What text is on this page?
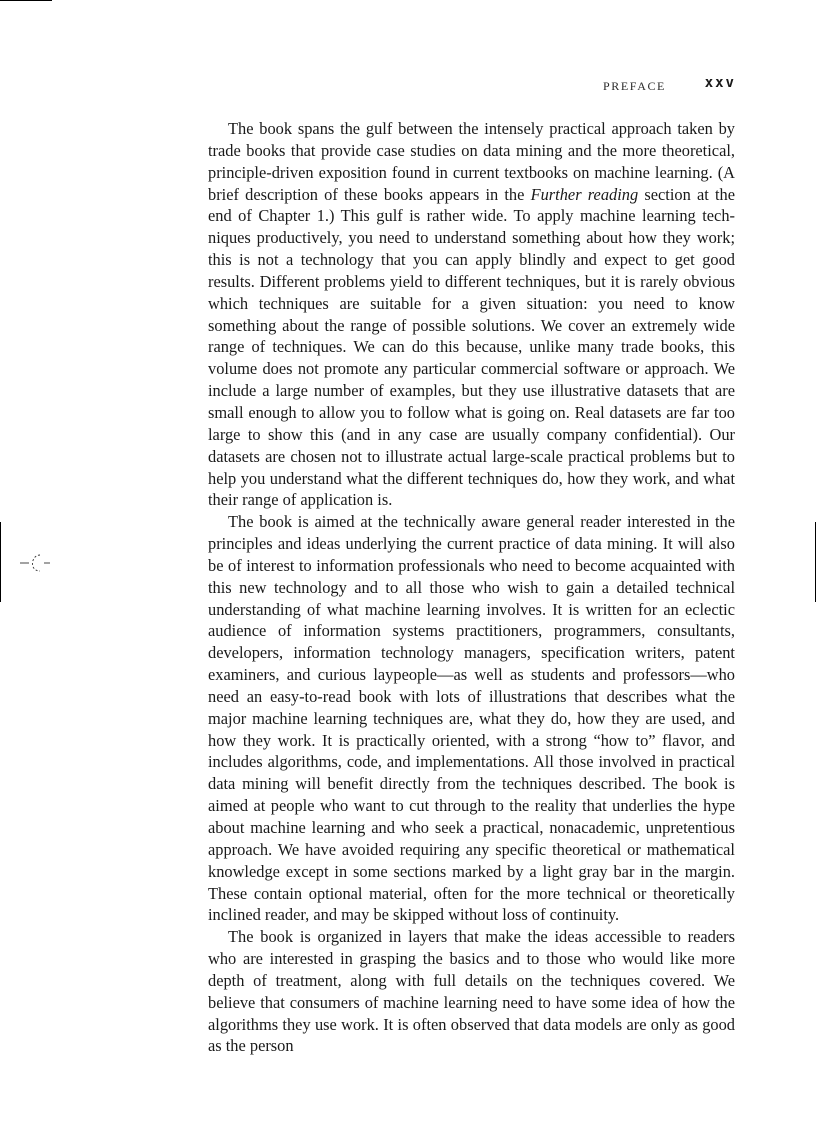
PREFACE	xxv

The book spans the gulf between the intensely practical approach taken by trade books that provide case studies on data mining and the more theoretical, principle-driven exposition found in current textbooks on machine learning. (A brief description of these books appears in the Further reading section at the end of Chapter 1.) This gulf is rather wide. To apply machine learning techniques productively, you need to understand something about how they work; this is not a technology that you can apply blindly and expect to get good results. Different problems yield to different techniques, but it is rarely obvious which techniques are suitable for a given situation: you need to know something about the range of possible solutions. We cover an extremely wide range of techniques. We can do this because, unlike many trade books, this volume does not promote any particular commercial software or approach. We include a large number of examples, but they use illustrative datasets that are small enough to allow you to follow what is going on. Real datasets are far too large to show this (and in any case are usually company confidential). Our datasets are chosen not to illustrate actual large-scale practical problems but to help you understand what the different techniques do, how they work, and what their range of application is.

The book is aimed at the technically aware general reader interested in the principles and ideas underlying the current practice of data mining. It will also be of interest to information professionals who need to become acquainted with this new technology and to all those who wish to gain a detailed technical understanding of what machine learning involves. It is written for an eclectic audience of information systems practitioners, programmers, consultants, developers, information technology managers, specification writers, patent examiners, and curious laypeople—as well as students and professors—who need an easy-to-read book with lots of illustrations that describes what the major machine learning techniques are, what they do, how they are used, and how they work. It is practically oriented, with a strong “how to” flavor, and includes algorithms, code, and implementations. All those involved in practical data mining will benefit directly from the techniques described. The book is aimed at people who want to cut through to the reality that underlies the hype about machine learning and who seek a practical, nonacademic, unpretentious approach. We have avoided requiring any specific theoretical or mathematical knowledge except in some sections marked by a light gray bar in the margin. These contain optional material, often for the more technical or theoretically inclined reader, and may be skipped without loss of continuity.

The book is organized in layers that make the ideas accessible to readers who are interested in grasping the basics and to those who would like more depth of treatment, along with full details on the techniques covered. We believe that consumers of machine learning need to have some idea of how the algorithms they use work. It is often observed that data models are only as good as the person
